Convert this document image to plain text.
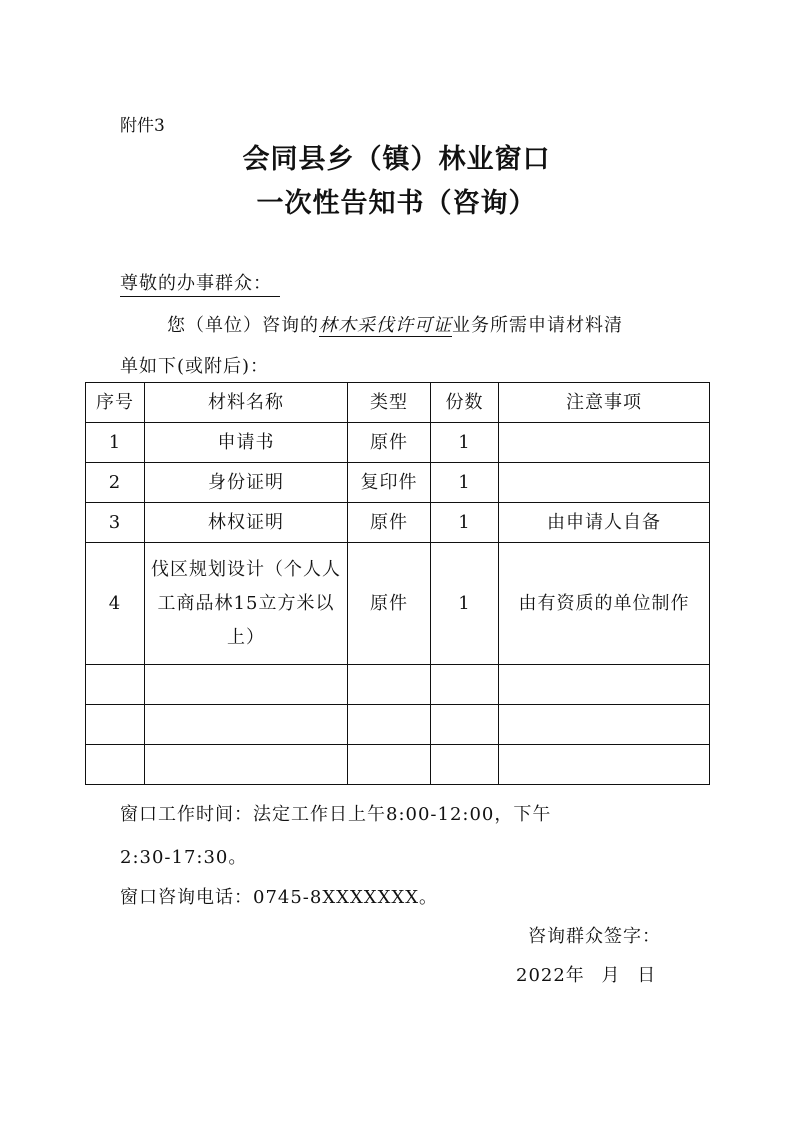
附件3
会同县乡（镇）林业窗口
一次性告知书（咨询）
尊敬的办事群众：
您（单位）咨询的林木采伐许可证业务所需申请材料清
单如下(或附后)：
序号	材料名称	类型	份数	注意事项
1	申请书	原件	1	
2	身份证明	复印件	1	
3	林权证明	原件	1	由申请人自备
4	伐区规划设计（个人人工商品林15立方米以上）	原件	1	由有资质的单位制作

窗口工作时间：法定工作日上午8:00-12:00，下午
2:30-17:30。
窗口咨询电话：0745-8XXXXXXX。
咨询群众签字：
2022年 月 日
